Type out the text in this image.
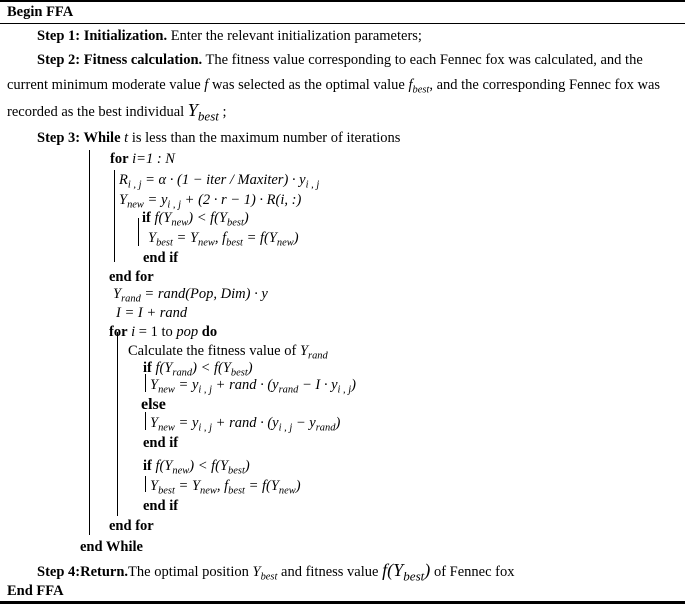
Begin FFA
Step 1: Initialization. Enter the relevant initialization parameters;
Step 2: Fitness calculation. The fitness value corresponding to each Fennec fox was calculated, and the
current minimum moderate value f was selected as the optimal value $f_{best}$, and the corresponding Fennec fox was
recorded as the best individual $Y_{best}$ ;
Step 3: While t is less than the maximum number of iterations
for i=1 : N
$R_{i , j} = \alpha \cdot (1$ − iter / Maxiter) · $y_{i , j}$
$Y_{new} = y_{i , j} + (2 \cdot r - 1) \cdot R(i$, :)
if $f(Y_{new}) < f(Y_{best})$
$Y_{best} = Y_{new}$, $f_{best} = f(Y_{new})$
end if
end for
$Y_{rand}$ = rand(Pop, Dim) · y
I = I + rand
for i = 1 to pop do
Calculate the fitness value of $Y_{rand}$
if $f(Y_{rand}) < f(Y_{best})$
$Y_{new} = y_{i , j}$ + rand · $(y_{rand} - I \cdot y_{i , j})$
else
$Y_{new} = y_{i , j}$ + rand · $(y_{i , j} - y_{rand})$
end if
if $f(Y_{new}) < f(Y_{best})$
$Y_{best} = Y_{new}$, $f_{best} = f(Y_{new})$
end if
end for
end While
Step 4:Return.The optimal position $Y_{best}$ and fitness value $f(Y_{best})$ of Fennec fox
End FFA
